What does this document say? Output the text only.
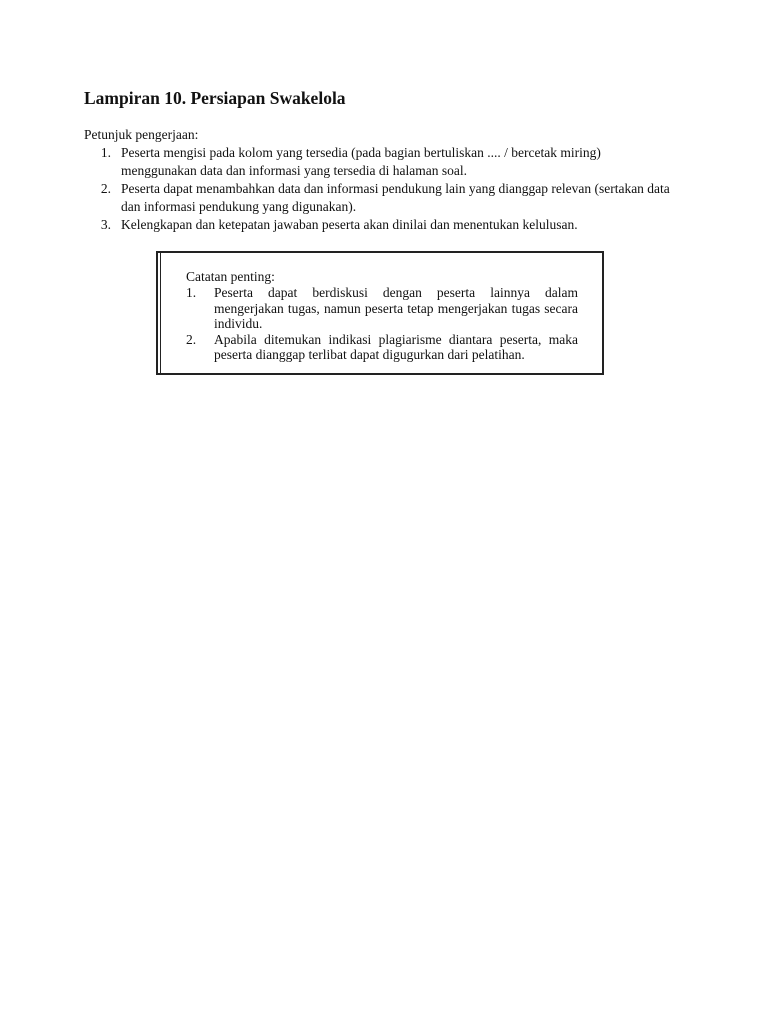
Lampiran 10. Persiapan Swakelola
Petunjuk pengerjaan:
1. Peserta mengisi pada kolom yang tersedia (pada bagian bertuliskan .... / bercetak miring) menggunakan data dan informasi yang tersedia di halaman soal.
2. Peserta dapat menambahkan data dan informasi pendukung lain yang dianggap relevan (sertakan data dan informasi pendukung yang digunakan).
3. Kelengkapan dan ketepatan jawaban peserta akan dinilai dan menentukan kelulusan.
Catatan penting:
1. Peserta dapat berdiskusi dengan peserta lainnya dalam mengerjakan tugas, namun peserta tetap mengerjakan tugas secara individu.
2. Apabila ditemukan indikasi plagiarisme diantara peserta, maka peserta dianggap terlibat dapat digugurkan dari pelatihan.
